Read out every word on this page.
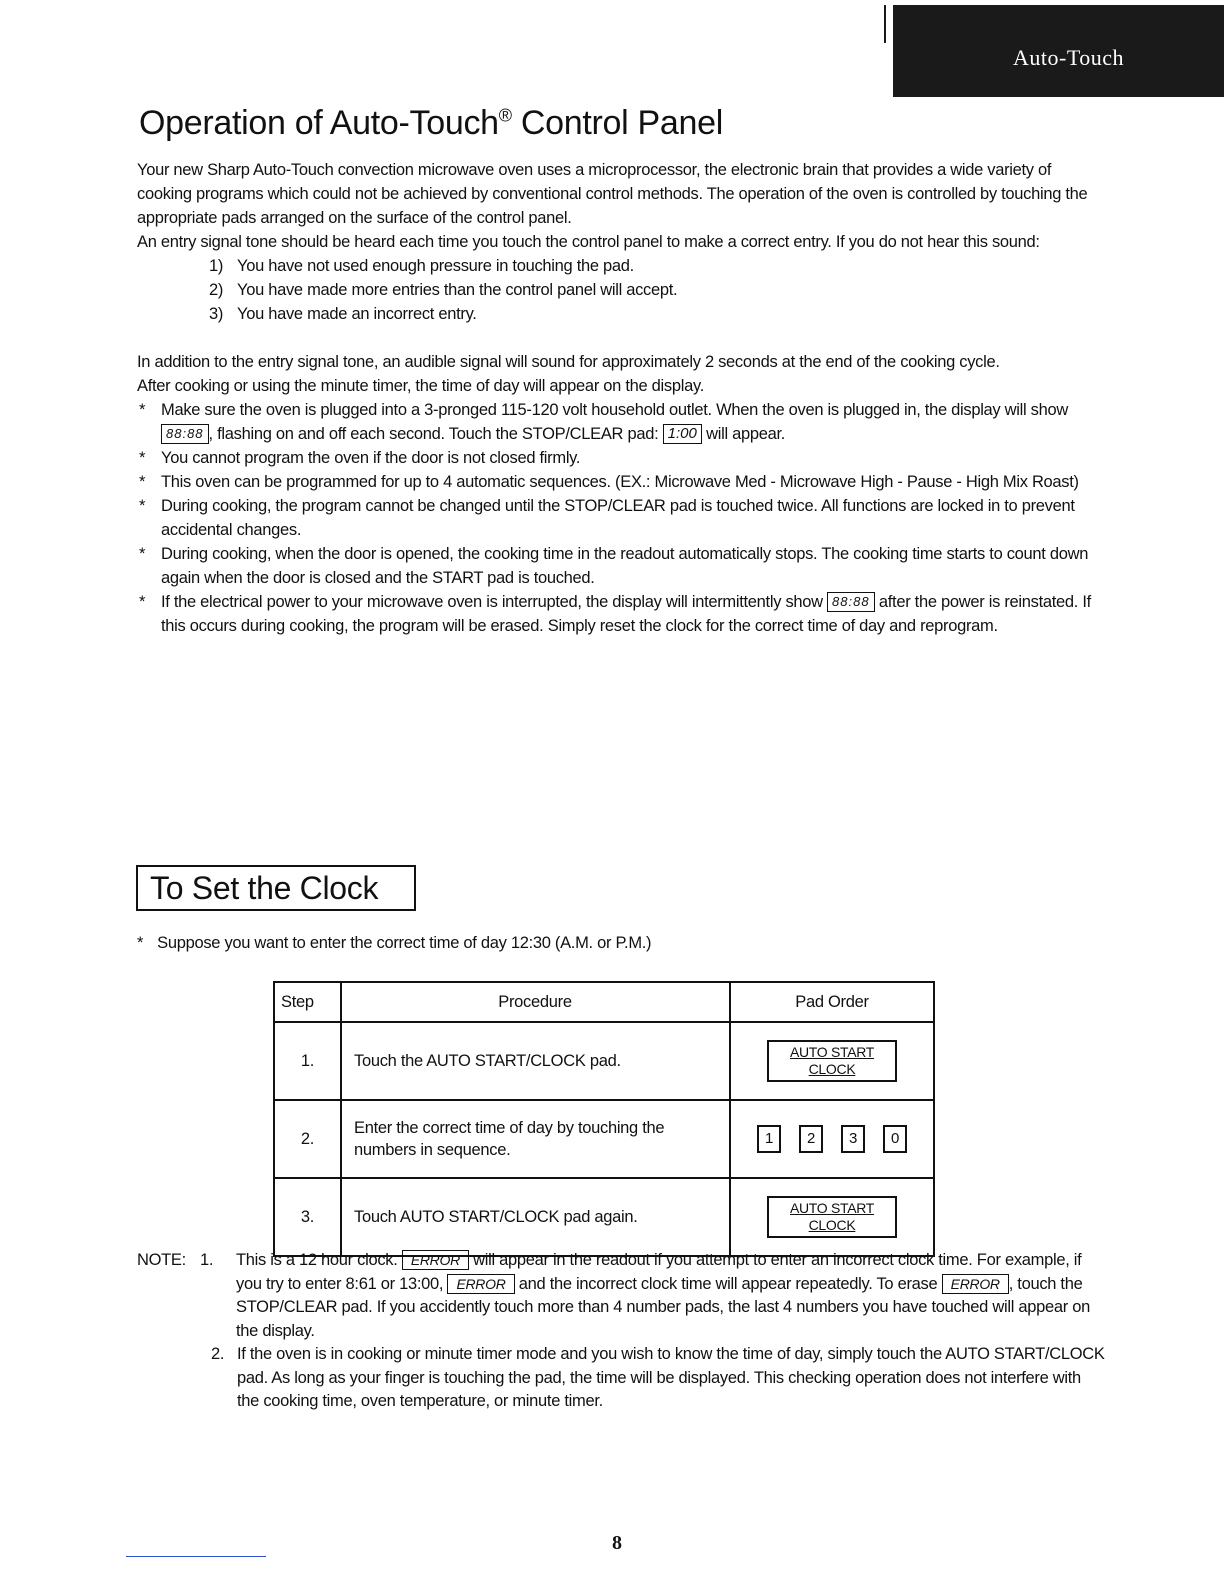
Auto-Touch
Operation of Auto-Touch® Control Panel

Your new Sharp Auto-Touch convection microwave oven uses a microprocessor, the electronic brain that provides a wide variety of cooking programs which could not be achieved by conventional control methods. The operation of the oven is controlled by touching the appropriate pads arranged on the surface of the control panel.

An entry signal tone should be heard each time you touch the control panel to make a correct entry. If you do not hear this sound:

1) You have not used enough pressure in touching the pad.
2) You have made more entries than the control panel will accept.
3) You have made an incorrect entry.

In addition to the entry signal tone, an audible signal will sound for approximately 2 seconds at the end of the cooking cycle.

After cooking or using the minute timer, the time of day will appear on the display.

* Make sure the oven is plugged into a 3-pronged 115-120 volt household outlet. When the oven is plugged in, the display will show 88:88 , flashing on and off each second. Touch the STOP/CLEAR pad: 1:00 will appear.
* You cannot program the oven if the door is not closed firmly.
* This oven can be programmed for up to 4 automatic sequences. (EX.: Microwave Med - Microwave High - Pause - High Mix Roast)
* During cooking, the program cannot be changed until the STOP/CLEAR pad is touched twice. All functions are locked in to prevent accidental changes.
* During cooking, when the door is opened, the cooking time in the readout automatically stops. The cooking time starts to count down again when the door is closed and the START pad is touched.
* If the electrical power to your microwave oven is interrupted, the display will intermittently show 88:88 after the power is reinstated. If this occurs during cooking, the program will be erased. Simply reset the clock for the correct time of day and reprogram.
To Set the Clock
* Suppose you want to enter the correct time of day 12:30 (A.M. or P.M.)
Step	Procedure	Pad Order
1.	Touch the AUTO START/CLOCK pad.	AUTO START
CLOCK

2.	Enter the correct time of day by touching the numbers in sequence.	1 2 3 0
3.	Touch AUTO START/CLOCK pad again.	AUTO START
CLOCK
NOTE: 1.	This is a 12 hour clock. ERROR will appear in the readout if you attempt to enter an incorrect clock time. For example, if you try to enter 8:61 or 13:00, ERROR and the incorrect clock time will appear repeatedly. To erase ERROR , touch the STOP/CLEAR pad. If you accidently touch more than 4 number pads, the last 4 numbers you have touched will appear on the display.
2. If the oven is in cooking or minute timer mode and you wish to know the time of day, simply touch the AUTO START/CLOCK pad. As long as your finger is touching the pad, the time will be displayed. This checking operation does not interfere with the cooking time, oven temperature, or minute timer.
8
